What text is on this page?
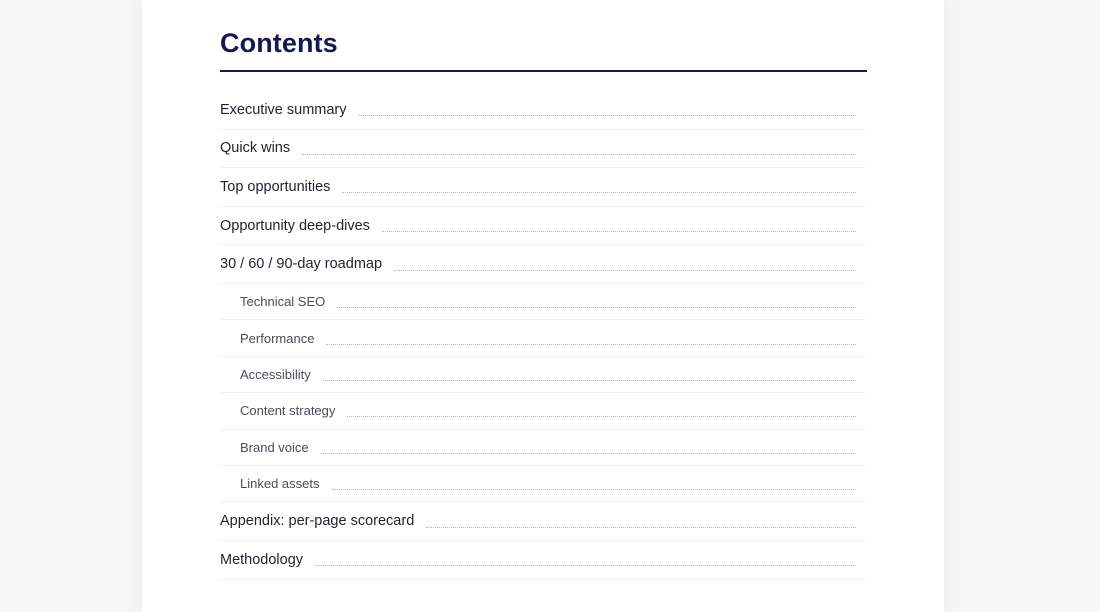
Contents
Executive summary
Quick wins
Top opportunities
Opportunity deep-dives
30 / 60 / 90-day roadmap
Technical SEO
Performance
Accessibility
Content strategy
Brand voice
Linked assets
Appendix: per-page scorecard
Methodology
